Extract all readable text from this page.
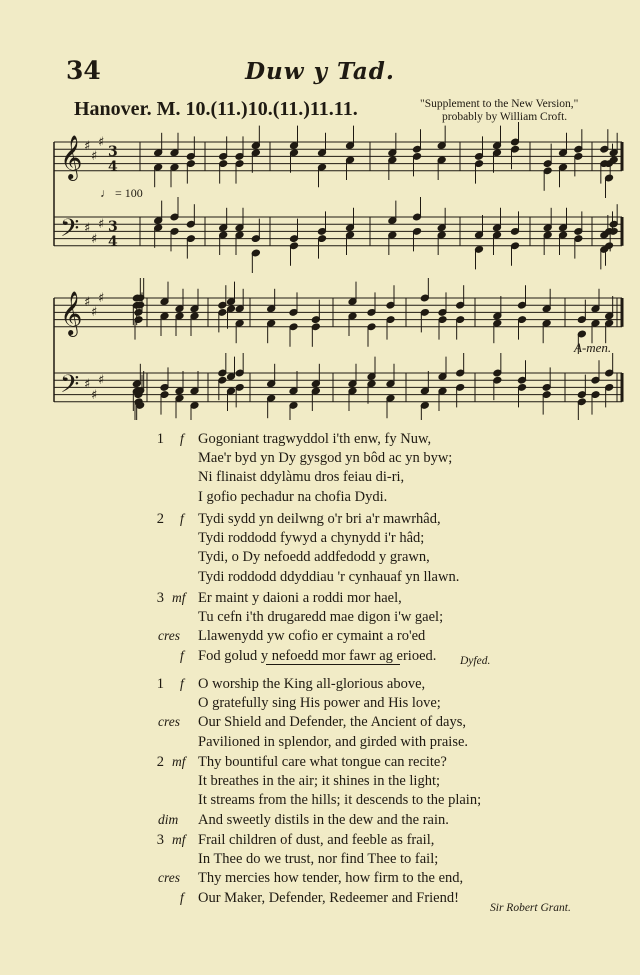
34	Duw y Tad.
Hanover. M. 10.(11.)10.(11.)11.11.	"Supplement to the New Version,"
probably by William Croft.
♩ = 100
A-men.
𝄞 ♯
♯
♯
3
4
𝄢 ♯
♯
♯ 3
4
𝄞 ♯
♯
♯
𝄢 ♯
♯
♯
1 f Gogoniant tragwyddol i'th enw, fy Nuw,
Mae'r byd yn Dy gysgod yn bôd ac yn byw;
Ni flinaist ddylàmu dros feiau di-ri,
I gofio pechadur na chofia Dydi.
2 f Tydi sydd yn deilwng o'r bri a'r mawrhâd,
Tydi roddodd fywyd a chynydd i'r hâd;
Tydi, o Dy nefoedd addfedodd y grawn,
Tydi roddodd ddyddiau 'r cynhauaf yn llawn.
3 mf Er maint y daioni a roddi mor hael,
Tu cefn i'th drugaredd mae digon i'w gael;
cres Llawenydd yw cofio er cymaint a ro'ed
f Fod golud y nefoedd mor fawr ag erioed. Dyfed.
1 f O worship the King all-glorious above,
O gratefully sing His power and His love;
cres Our Shield and Defender, the Ancient of days,
Pavilioned in splendor, and girded with praise.
2 mf Thy bountiful care what tongue can recite?
It breathes in the air; it shines in the light;
It streams from the hills; it descends to the plain;
dim And sweetly distils in the dew and the rain.
3 mf Frail children of dust, and feeble as frail,
In Thee do we trust, nor find Thee to fail;
cres Thy mercies how tender, how firm to the end,
f Our Maker, Defender, Redeemer and Friend!
Sir Robert Grant.
